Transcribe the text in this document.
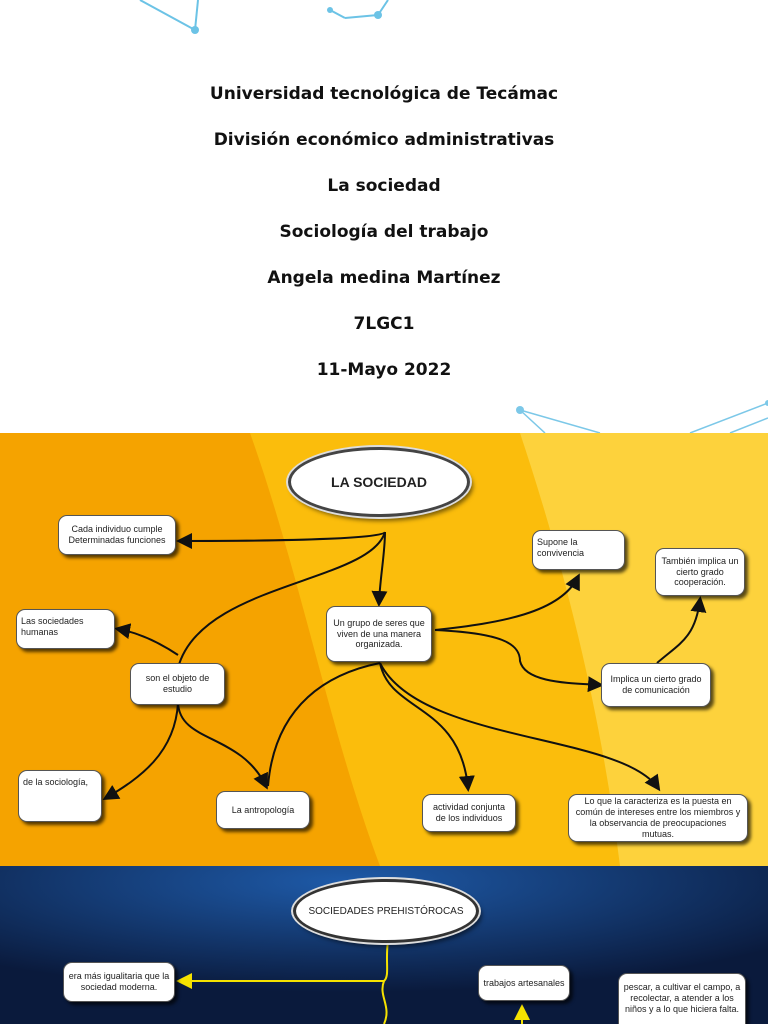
Universidad tecnológica de Tecámac
División económico administrativas
La sociedad
Sociología del trabajo
Angela medina Martínez
7LGC1
11-Mayo 2022
LA SOCIEDAD
Cada individuo cumple Determinadas funciones	Supone la convivencia
También implica un cierto grado cooperación.
Las sociedades humanas
Un grupo de seres que viven de una manera organizada.
son el objeto de estudio
Implica un cierto grado de comunicación
de la sociología,
La antropología	actividad conjunta de los individuos
Lo que la caracteriza es la puesta en común de intereses entre los miembros y la observancia de preocupaciones mutuas.
SOCIEDADES PREHISTÓROCAS
era más igualitaria que la sociedad moderna.	trabajos artesanales	pescar, a cultivar el campo, a recolectar, a atender a los niños y a lo que hiciera falta.
